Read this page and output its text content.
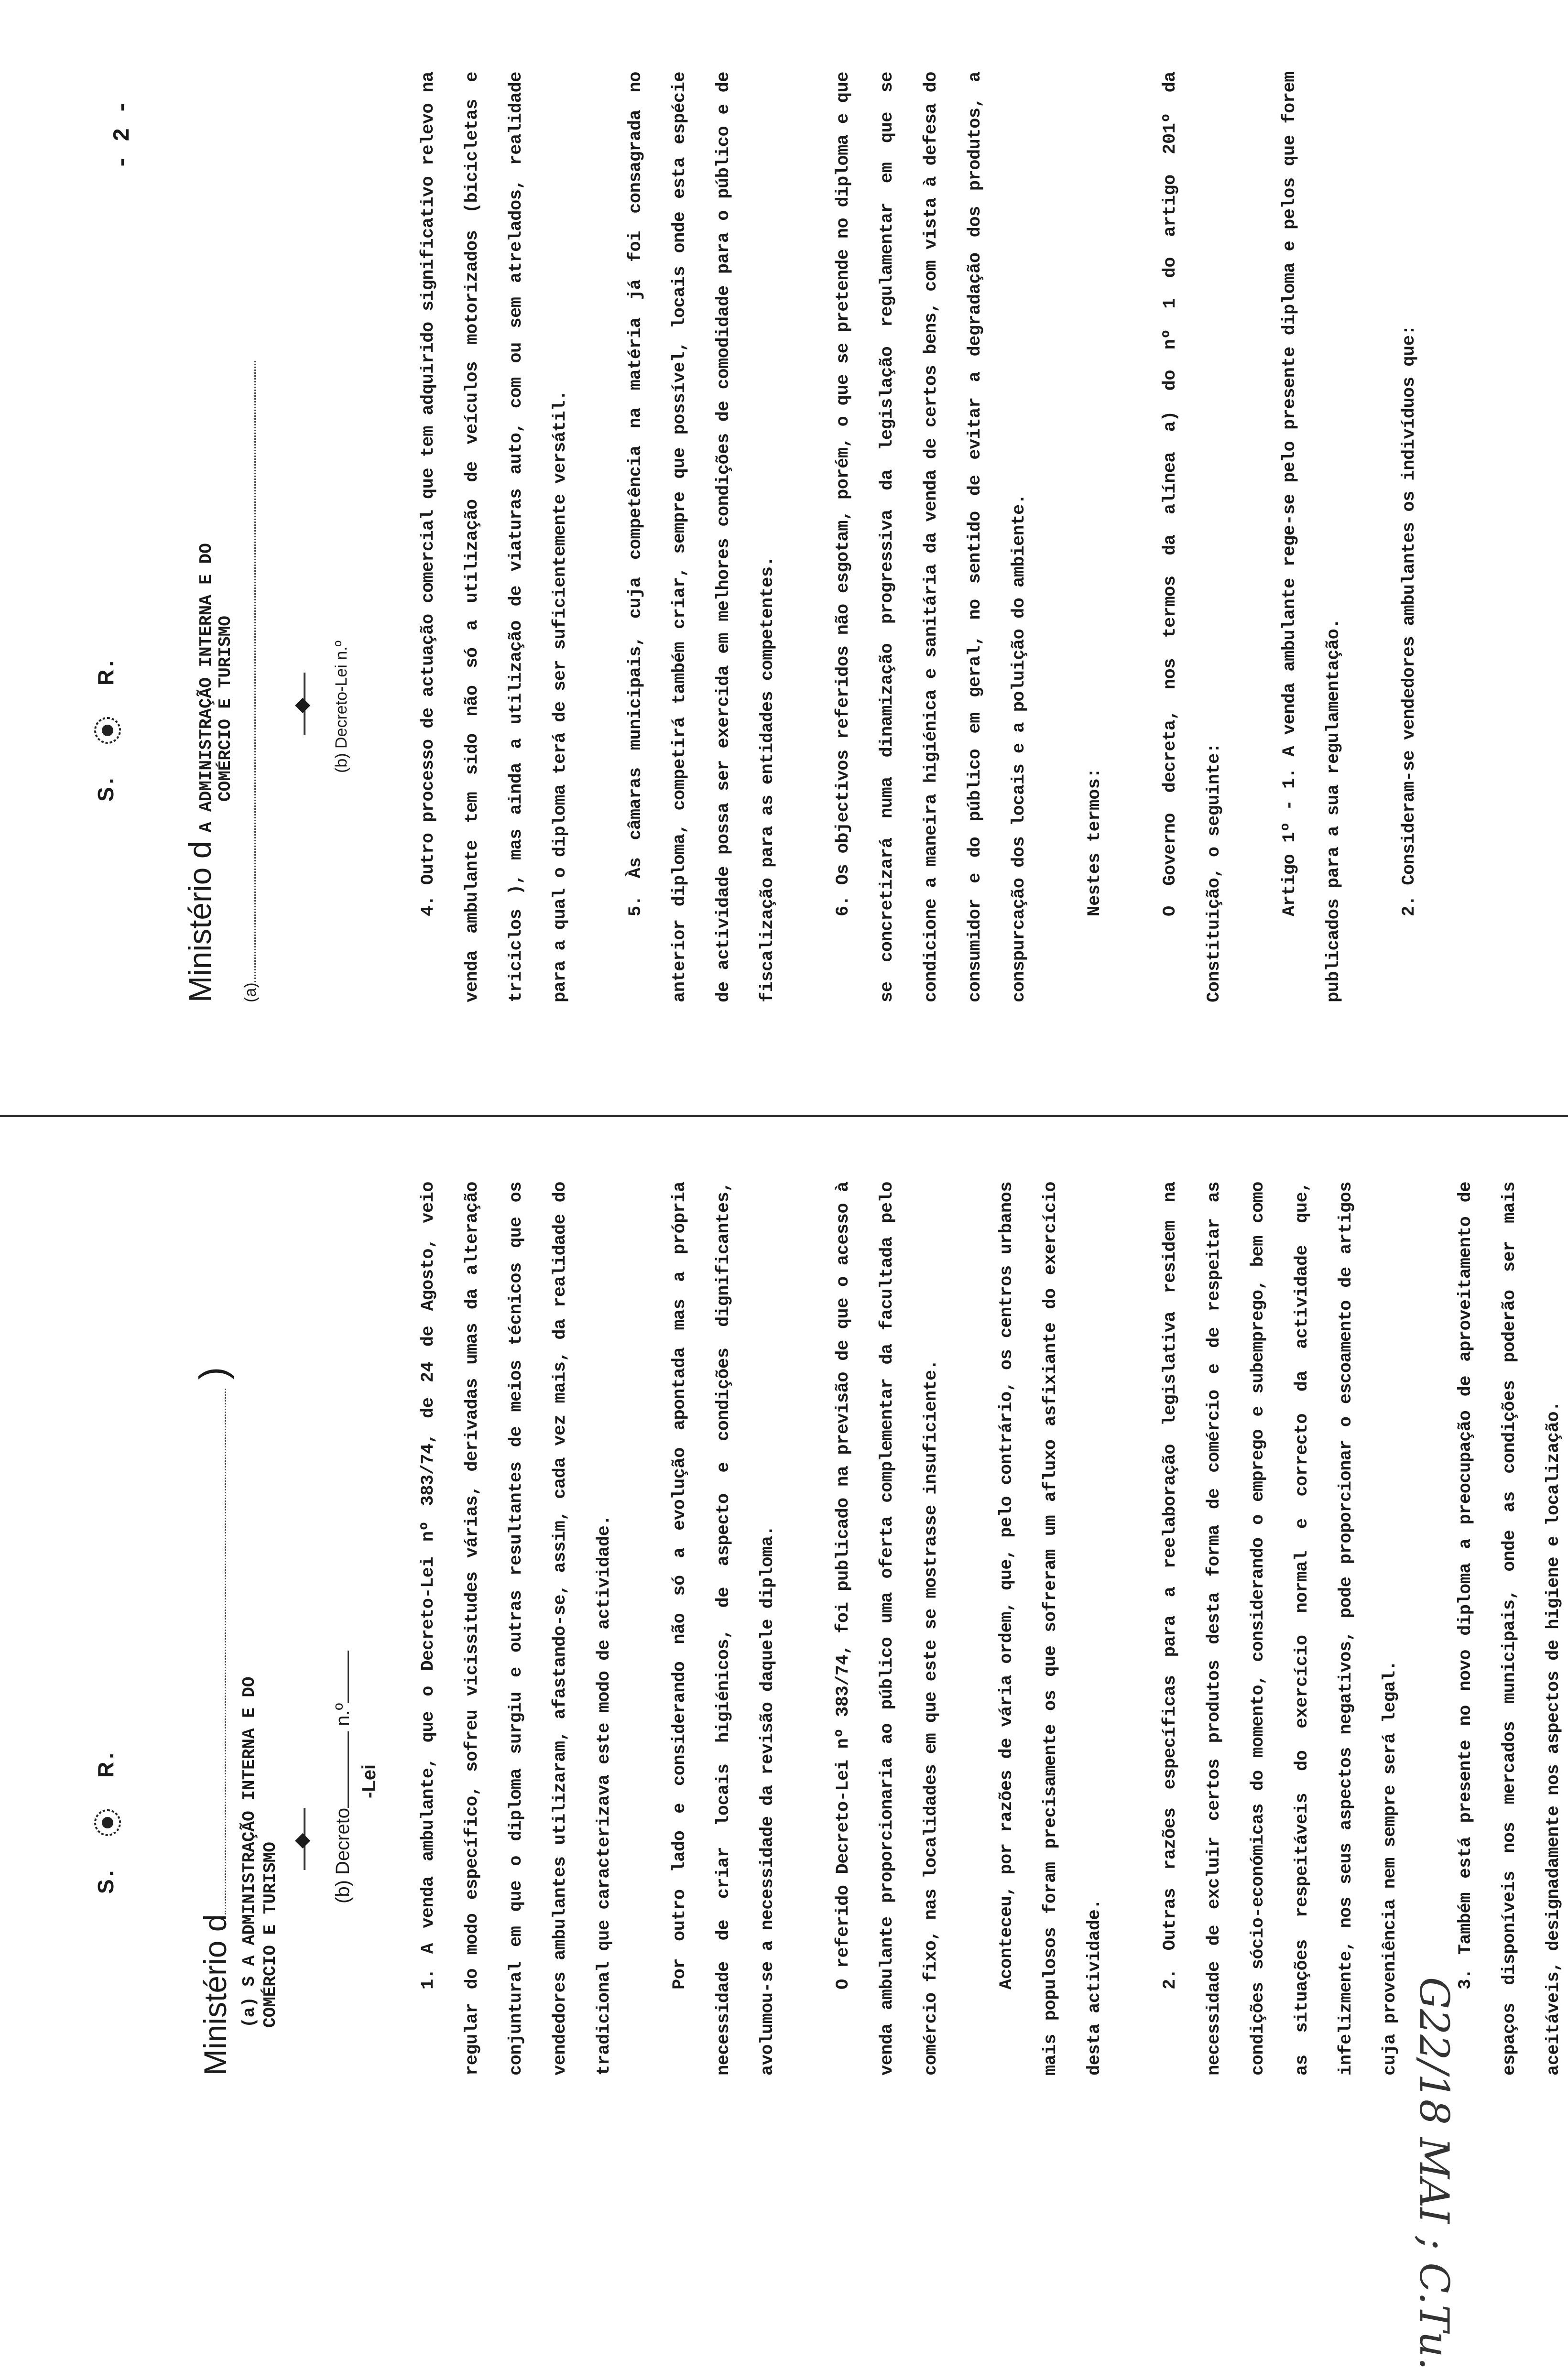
S.  R.
Ministério d )
(a) S A ADMINISTRAÇÃO INTERNA E DO COMÉRCIO E TURISMO
◆ (b) Decreto n.º
-Lei	1. A venda ambulante, que o Decreto-Lei nº 383/74, de 24 de Agosto, veio regular do modo específico, sofreu vicissitudes várias, derivadas umas da alteração conjuntural em que o diploma surgiu e outras resultantes de meios técnicos que os vendedores ambulantes utilizaram, afastando-se, assim, cada vez mais, da realidade do tradicional que caracterizava este modo de actividade.	Por outro lado e considerando não só a evolução apontada mas a própria necessidade de criar locais higiénicos, de aspecto e condições dignificantes, avolumou-se a necessidade da revisão daquele diploma.	O referido Decreto-Lei nº 383/74, foi publicado na previsão de que o acesso à venda ambulante proporcionaria ao público uma oferta complementar da facultada pelo comércio fixo, nas localidades em que este se mostrasse insuficiente.	Aconteceu, por razões de vária ordem, que, pelo contrário, os centros urbanos mais populosos foram precisamente os que sofreram um afluxo asfixiante do exercício desta actividade.	2. Outras razões específicas para a reelaboração legislativa residem na necessidade de excluir certos produtos desta forma de comércio e de respeitar as condições sócio-económicas do momento, considerando o emprego e subemprego, bem como as situações respeitáveis do exercício normal e correcto da actividade que, infelizmente, nos seus aspectos negativos, pode proporcionar o escoamento de artigos cuja proveniência nem sempre será legal.	3. Também está presente no novo diploma a preocupação de aproveitamento de espaços disponíveis nos mercados municipais, onde as condições poderão ser mais aceitáveis, designadamente nos aspectos de higiene e localização.

- 2 -
S.  R.
Ministério d A ADMINISTRAÇÃO INTERNA E DO COMÉRCIO E TURISMO
(a)
◆ (b) Decreto-Lei n.º	4. Outro processo de actuação comercial que tem adquirido significativo relevo na venda ambulante tem sido não só a utilização de veículos motorizados (bicicletas e triciclos ), mas ainda a utilização de viaturas auto, com ou sem atrelados, realidade para a qual o diploma terá de ser suficientemente versátil.	5. Às câmaras municipais, cuja competência na matéria já foi consagrada no anterior diploma, competirá também criar, sempre que possível, locais onde esta espécie de actividade possa ser exercida em melhores condições de comodidade para o público e de fiscalização para as entidades competentes.	6. Os objectivos referidos não esgotam, porém, o que se pretende no diploma e que se concretizará numa dinamização progressiva da legislação regulamentar em que se condicione a maneira higiénica e sanitária da venda de certos bens, com vista à defesa do consumidor e do público em geral, no sentido de evitar a degradação dos produtos, a conspurcação dos locais e a poluição do ambiente.	Nestes termos:	O Governo decreta, nos termos da alínea a) do nº 1 do artigo 201º da Constituição, o seguinte:	Artigo 1º - 1. A venda ambulante rege-se pelo presente diploma e pelos que forem publicados para a sua regulamentação.	2. Consideram-se vendedores ambulantes os indivíduos que:

G22/18 MAI ; C.Tu.
